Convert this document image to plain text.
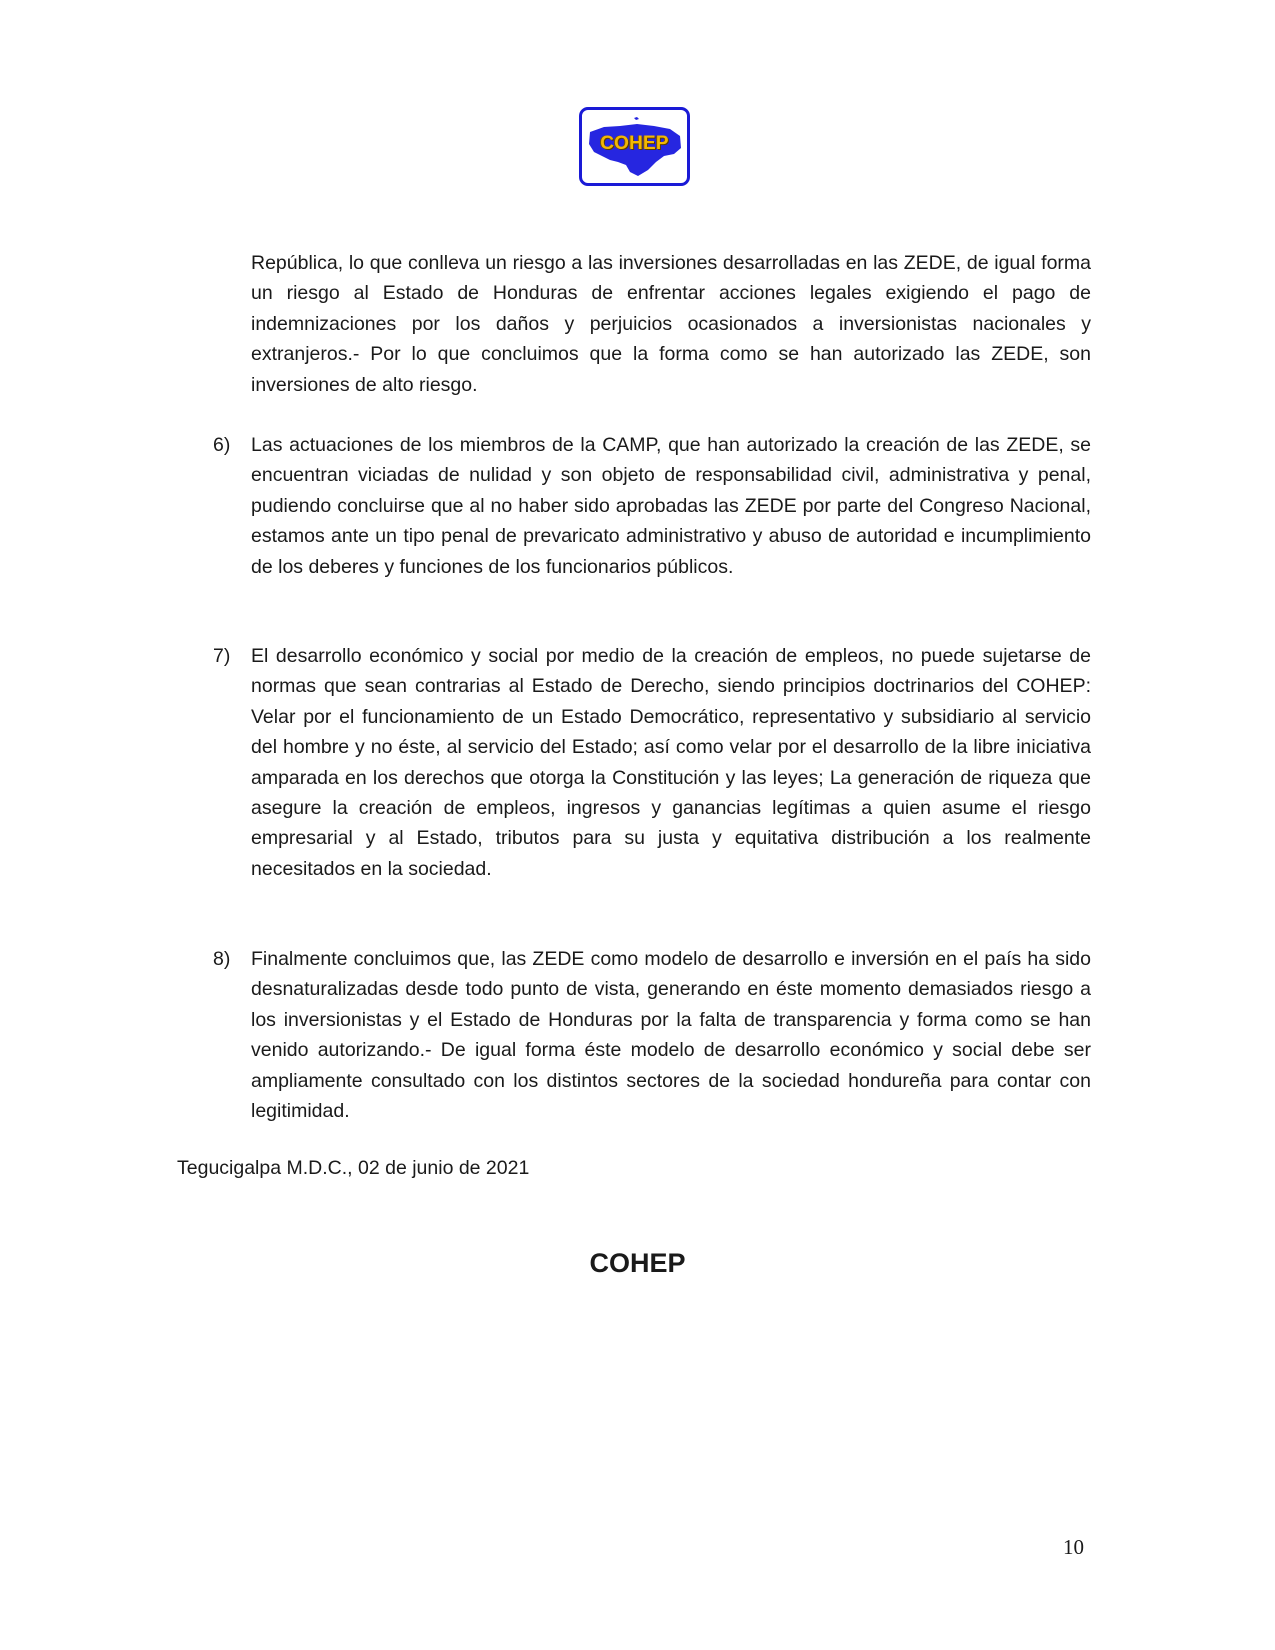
COHEP
República, lo que conlleva un riesgo a las inversiones desarrolladas en las ZEDE, de igual forma un riesgo al Estado de Honduras de enfrentar acciones legales exigiendo el pago de indemnizaciones por los daños y perjuicios ocasionados a inversionistas nacionales y extranjeros.- Por lo que concluimos que la forma como se han autorizado las ZEDE, son inversiones de alto riesgo.
6)	Las actuaciones de los miembros de la CAMP, que han autorizado la creación de las ZEDE, se encuentran viciadas de nulidad y son objeto de responsabilidad civil, administrativa y penal, pudiendo concluirse que al no haber sido aprobadas las ZEDE por parte del Congreso Nacional, estamos ante un tipo penal de prevaricato administrativo y abuso de autoridad e incumplimiento de los deberes y funciones de los funcionarios públicos.
7)	El desarrollo económico y social por medio de la creación de empleos, no puede sujetarse de normas que sean contrarias al Estado de Derecho, siendo principios doctrinarios del COHEP: Velar por el funcionamiento de un Estado Democrático, representativo y subsidiario al servicio del hombre y no éste, al servicio del Estado; así como velar por el desarrollo de la libre iniciativa amparada en los derechos que otorga la Constitución y las leyes; La generación de riqueza que asegure la creación de empleos, ingresos y ganancias legítimas a quien asume el riesgo empresarial y al Estado, tributos para su justa y equitativa distribución a los realmente necesitados en la sociedad.
8)	Finalmente concluimos que, las ZEDE como modelo de desarrollo e inversión en el país ha sido desnaturalizadas desde todo punto de vista, generando en éste momento demasiados riesgo a los inversionistas y el Estado de Honduras por la falta de transparencia y forma como se han venido autorizando.- De igual forma éste modelo de desarrollo económico y social debe ser ampliamente consultado con los distintos sectores de la sociedad hondureña para contar con legitimidad.
Tegucigalpa M.D.C., 02 de junio de 2021
COHEP
10
